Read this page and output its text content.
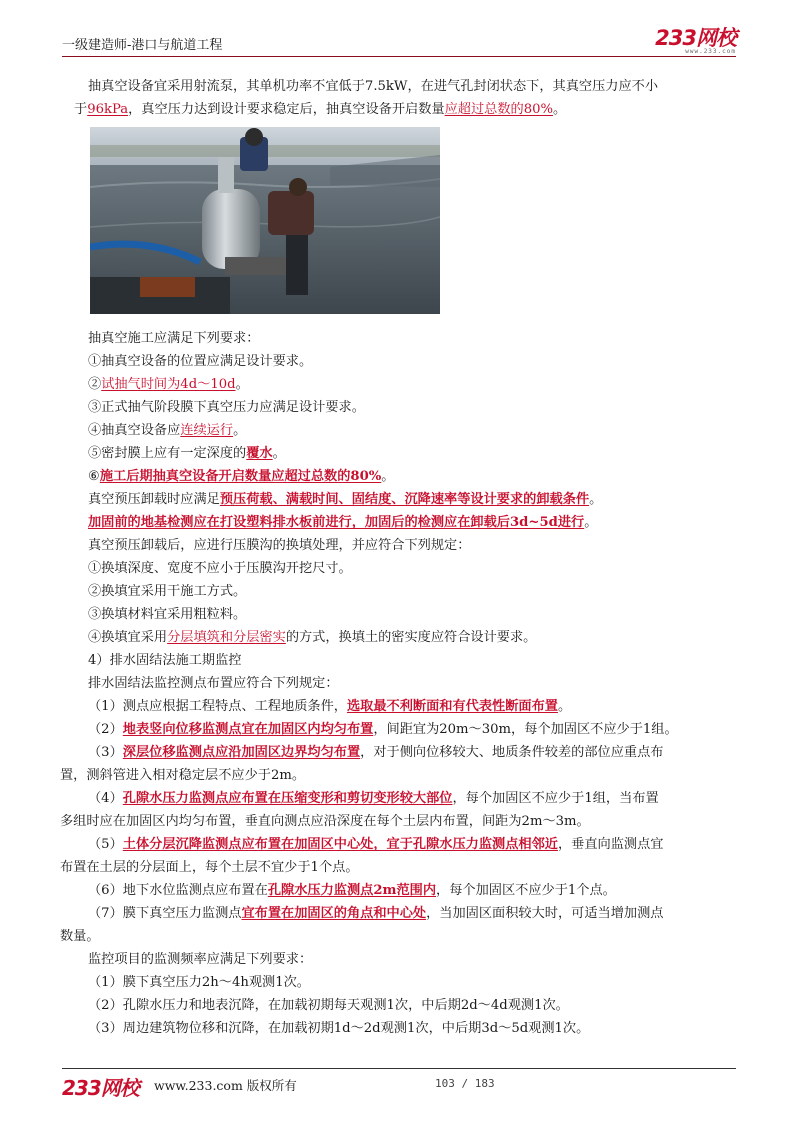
一级建造师-港口与航道工程	233网校
www.233.com
抽真空设备宜采用射流泵，其单机功率不宜低于7.5kW，在进气孔封闭状态下，其真空压力应不小
于96kPa，真空压力达到设计要求稳定后，抽真空设备开启数量应超过总数的80%。
抽真空施工应满足下列要求：
①抽真空设备的位置应满足设计要求。
②试抽气时间为4d～10d。
③正式抽气阶段膜下真空压力应满足设计要求。
④抽真空设备应连续运行。
⑤密封膜上应有一定深度的覆水。
⑥施工后期抽真空设备开启数量应超过总数的80%。
真空预压卸载时应满足预压荷载、满载时间、固结度、沉降速率等设计要求的卸载条件。
加固前的地基检测应在打设塑料排水板前进行，加固后的检测应在卸载后3d~5d进行。
真空预压卸载后，应进行压膜沟的换填处理，并应符合下列规定：
①换填深度、宽度不应小于压膜沟开挖尺寸。
②换填宜采用干施工方式。
③换填材料宜采用粗粒料。
④换填宜采用分层填筑和分层密实的方式，换填土的密实度应符合设计要求。
4）排水固结法施工期监控
排水固结法监控测点布置应符合下列规定：
（1）测点应根据工程特点、工程地质条件，选取最不利断面和有代表性断面布置。
（2）地表竖向位移监测点宜在加固区内均匀布置，间距宜为20m～30m，每个加固区不应少于1组。
（3）深层位移监测点应沿加固区边界均匀布置，对于侧向位移较大、地质条件较差的部位应重点布
置，测斜管进入相对稳定层不应少于2m。
（4）孔隙水压力监测点应布置在压缩变形和剪切变形较大部位，每个加固区不应少于1组，当布置
多组时应在加固区内均匀布置，垂直向测点应沿深度在每个土层内布置，间距为2m～3m。
（5）土体分层沉降监测点应布置在加固区中心处，宜于孔隙水压力监测点相邻近，垂直向监测点宜
布置在土层的分层面上，每个土层不宜少于1个点。
（6）地下水位监测点应布置在孔隙水压力监测点2m范围内，每个加固区不应少于1个点。
（7）膜下真空压力监测点宜布置在加固区的角点和中心处，当加固区面积较大时，可适当增加测点
数量。
监控项目的监测频率应满足下列要求：
（1）膜下真空压力2h～4h观测1次。
（2）孔隙水压力和地表沉降，在加载初期每天观测1次，中后期2d～4d观测1次。
（3）周边建筑物位移和沉降，在加载初期1d～2d观测1次，中后期3d～5d观测1次。
233网校 www.233.com 版权所有	103 / 183
